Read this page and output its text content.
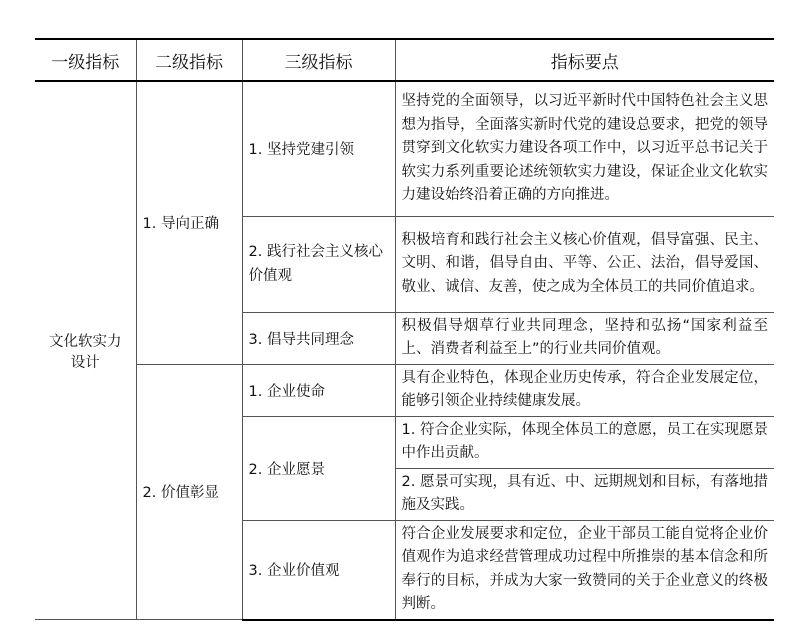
一级指标	二级指标	三级指标	指标要点
文化软实力设计	1. 导向正确	1. 坚持党建引领	坚持党的全面领导，以习近平新时代中国特色社会主义思想为指导，全面落实新时代党的建设总要求，把党的领导贯穿到文化软实力建设各项工作中，以习近平总书记关于软实力系列重要论述统领软实力建设，保证企业文化软实力建设始终沿着正确的方向推进。
		2. 践行社会主义核心价值观	积极培育和践行社会主义核心价值观，倡导富强、民主、文明、和谐，倡导自由、平等、公正、法治，倡导爱国、敬业、诚信、友善，使之成为全体员工的共同价值追求。
		3. 倡导共同理念	积极倡导烟草行业共同理念，坚持和弘扬“国家利益至上、消费者利益至上”的行业共同价值观。
	2. 价值彰显	1. 企业使命	具有企业特色，体现企业历史传承，符合企业发展定位，能够引领企业持续健康发展。
		2. 企业愿景	1. 符合企业实际，体现全体员工的意愿，员工在实现愿景中作出贡献。
			2. 愿景可实现，具有近、中、远期规划和目标，有落地措施及实践。
		3. 企业价值观	符合企业发展要求和定位，企业干部员工能自觉将企业价值观作为追求经营管理成功过程中所推崇的基本信念和所奉行的目标，并成为大家一致赞同的关于企业意义的终极判断。
